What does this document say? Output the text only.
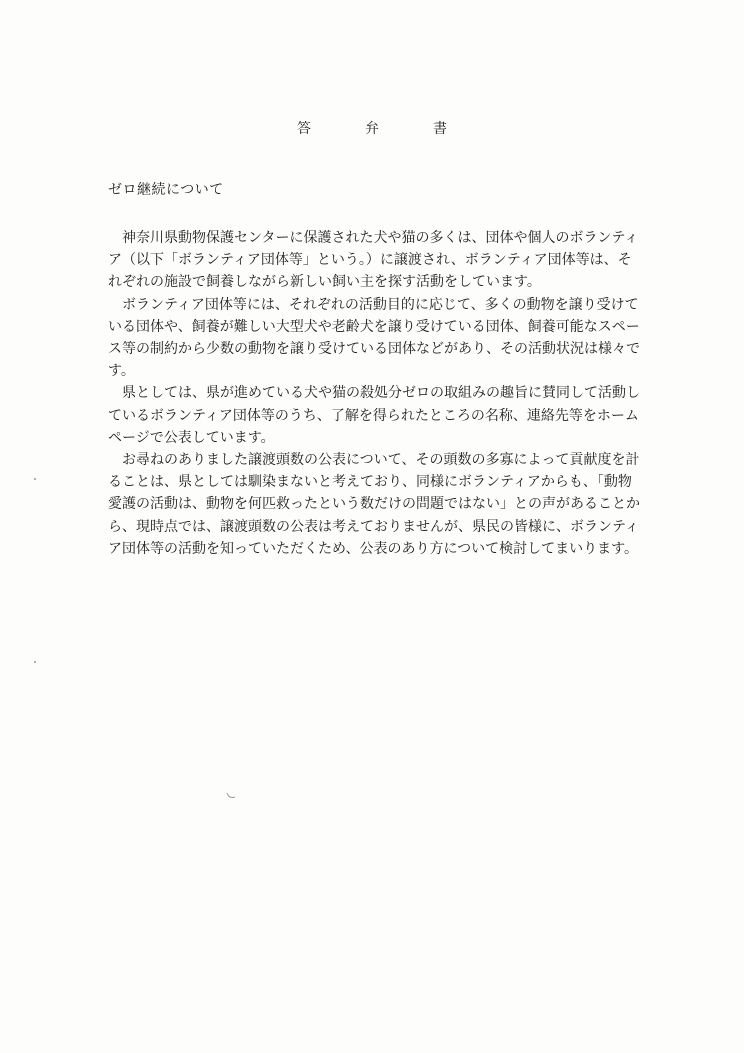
答　弁　書
ゼロ継続について

神奈川県動物保護センターに保護された犬や猫の多くは、団体や個人のボランティ
ア（以下「ボランティア団体等」という。）に譲渡され、ボランティア団体等は、そ
れぞれの施設で飼養しながら新しい飼い主を探す活動をしています。

ボランティア団体等には、それぞれの活動目的に応じて、多くの動物を譲り受けて
いる団体や、飼養が難しい大型犬や老齢犬を譲り受けている団体、飼養可能なスペー
ス等の制約から少数の動物を譲り受けている団体などがあり、その活動状況は様々で
す。

県としては、県が進めている犬や猫の殺処分ゼロの取組みの趣旨に賛同して活動し
ているボランティア団体等のうち、了解を得られたところの名称、連絡先等をホーム
ページで公表しています。

お尋ねのありました譲渡頭数の公表について、その頭数の多寡によって貢献度を計
ることは、県としては馴染まないと考えており、同様にボランティアからも、「動物
愛護の活動は、動物を何匹救ったという数だけの問題ではない」との声があることか
ら、現時点では、譲渡頭数の公表は考えておりませんが、県民の皆様に、ボランティ
ア団体等の活動を知っていただくため、公表のあり方について検討してまいります。
